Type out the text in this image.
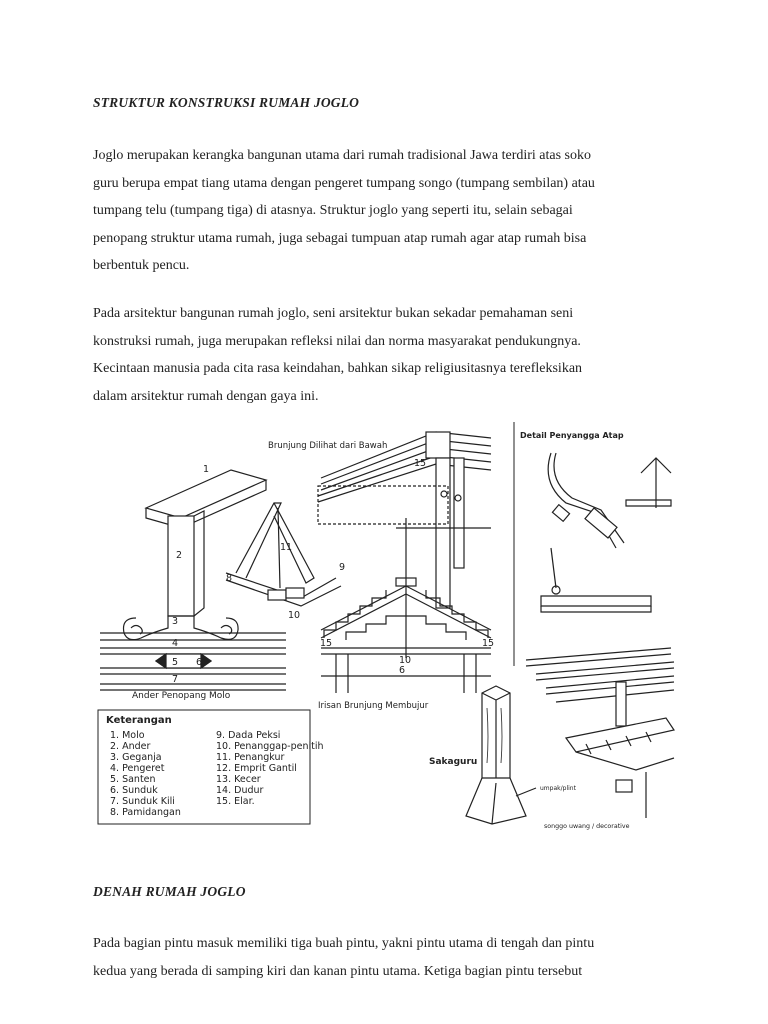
STRUKTUR KONSTRUKSI RUMAH JOGLO
Joglo merupakan kerangka bangunan utama dari rumah tradisional Jawa terdiri atas soko
guru berupa empat tiang utama dengan pengeret tumpang songo (tumpang sembilan) atau
tumpang telu (tumpang tiga) di atasnya. Struktur joglo yang seperti itu, selain sebagai
penopang struktur utama rumah, juga sebagai tumpuan atap rumah agar atap rumah bisa
berbentuk pencu.
Pada arsitektur bangunan rumah joglo, seni arsitektur bukan sekadar pemahaman seni
konstruksi rumah, juga merupakan refleksi nilai dan norma masyarakat pendukungnya.
Kecintaan manusia pada cita rasa keindahan, bahkan sikap religiusitasnya terefleksikan
dalam arsitektur rumah dengan gaya ini.
1
2
3
4
5 6
7
Ander Penopang Molo
8
9
10
11
Brunjung Dilihat dari Bawah
15
15	15
10
6
Irisan Brunjung Membujur
Sakaguru
umpak/plint
Detail Penyangga Atap
songgo uwang / decorative
Keterangan
1. Molo
2. Ander
3. Geganja
4. Pengeret
5. Santen
6. Sunduk
7. Sunduk Kili
8. Pamidangan
9. Dada Peksi
10. Penanggap-penitih
11. Penangkur
12. Emprit Gantil
13. Kecer
14. Dudur
15. Elar.
DENAH RUMAH JOGLO
Pada bagian pintu masuk memiliki tiga buah pintu, yakni pintu utama di tengah dan pintu
kedua yang berada di samping kiri dan kanan pintu utama. Ketiga bagian pintu tersebut
